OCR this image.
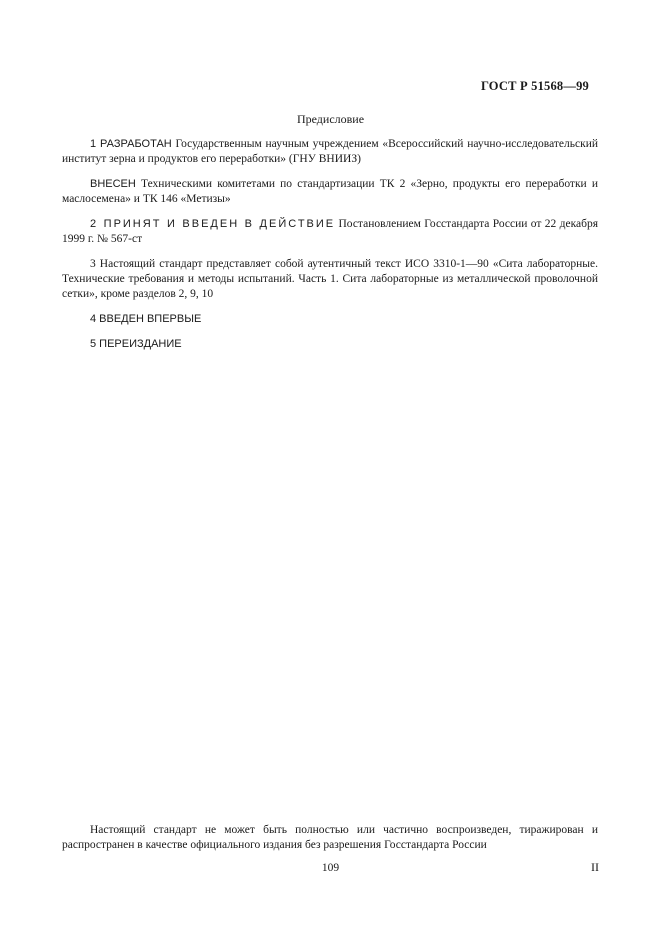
ГОСТ Р 51568—99
Предисловие

1 РАЗРАБОТАН Государственным научным учреждением «Всероссийский научно-исследовательский институт зерна и продуктов его переработки» (ГНУ ВНИИЗ)

ВНЕСЕН Техническими комитетами по стандартизации ТК 2 «Зерно, продукты его переработки и маслосемена» и ТК 146 «Метизы»

2 ПРИНЯТ И ВВЕДЕН В ДЕЙСТВИЕ Постановлением Госстандарта России от 22 декабря 1999 г. № 567-ст

3 Настоящий стандарт представляет собой аутентичный текст ИСО 3310-1—90 «Сита лабораторные. Технические требования и методы испытаний. Часть 1. Сита лабораторные из металлической проволочной сетки», кроме разделов 2, 9, 10

4 ВВЕДЕН ВПЕРВЫЕ

5 ПЕРЕИЗДАНИЕ

Настоящий стандарт не может быть полностью или частично воспроизведен, тиражирован и распространен в качестве официального издания без разрешения Госстандарта России
109	II
